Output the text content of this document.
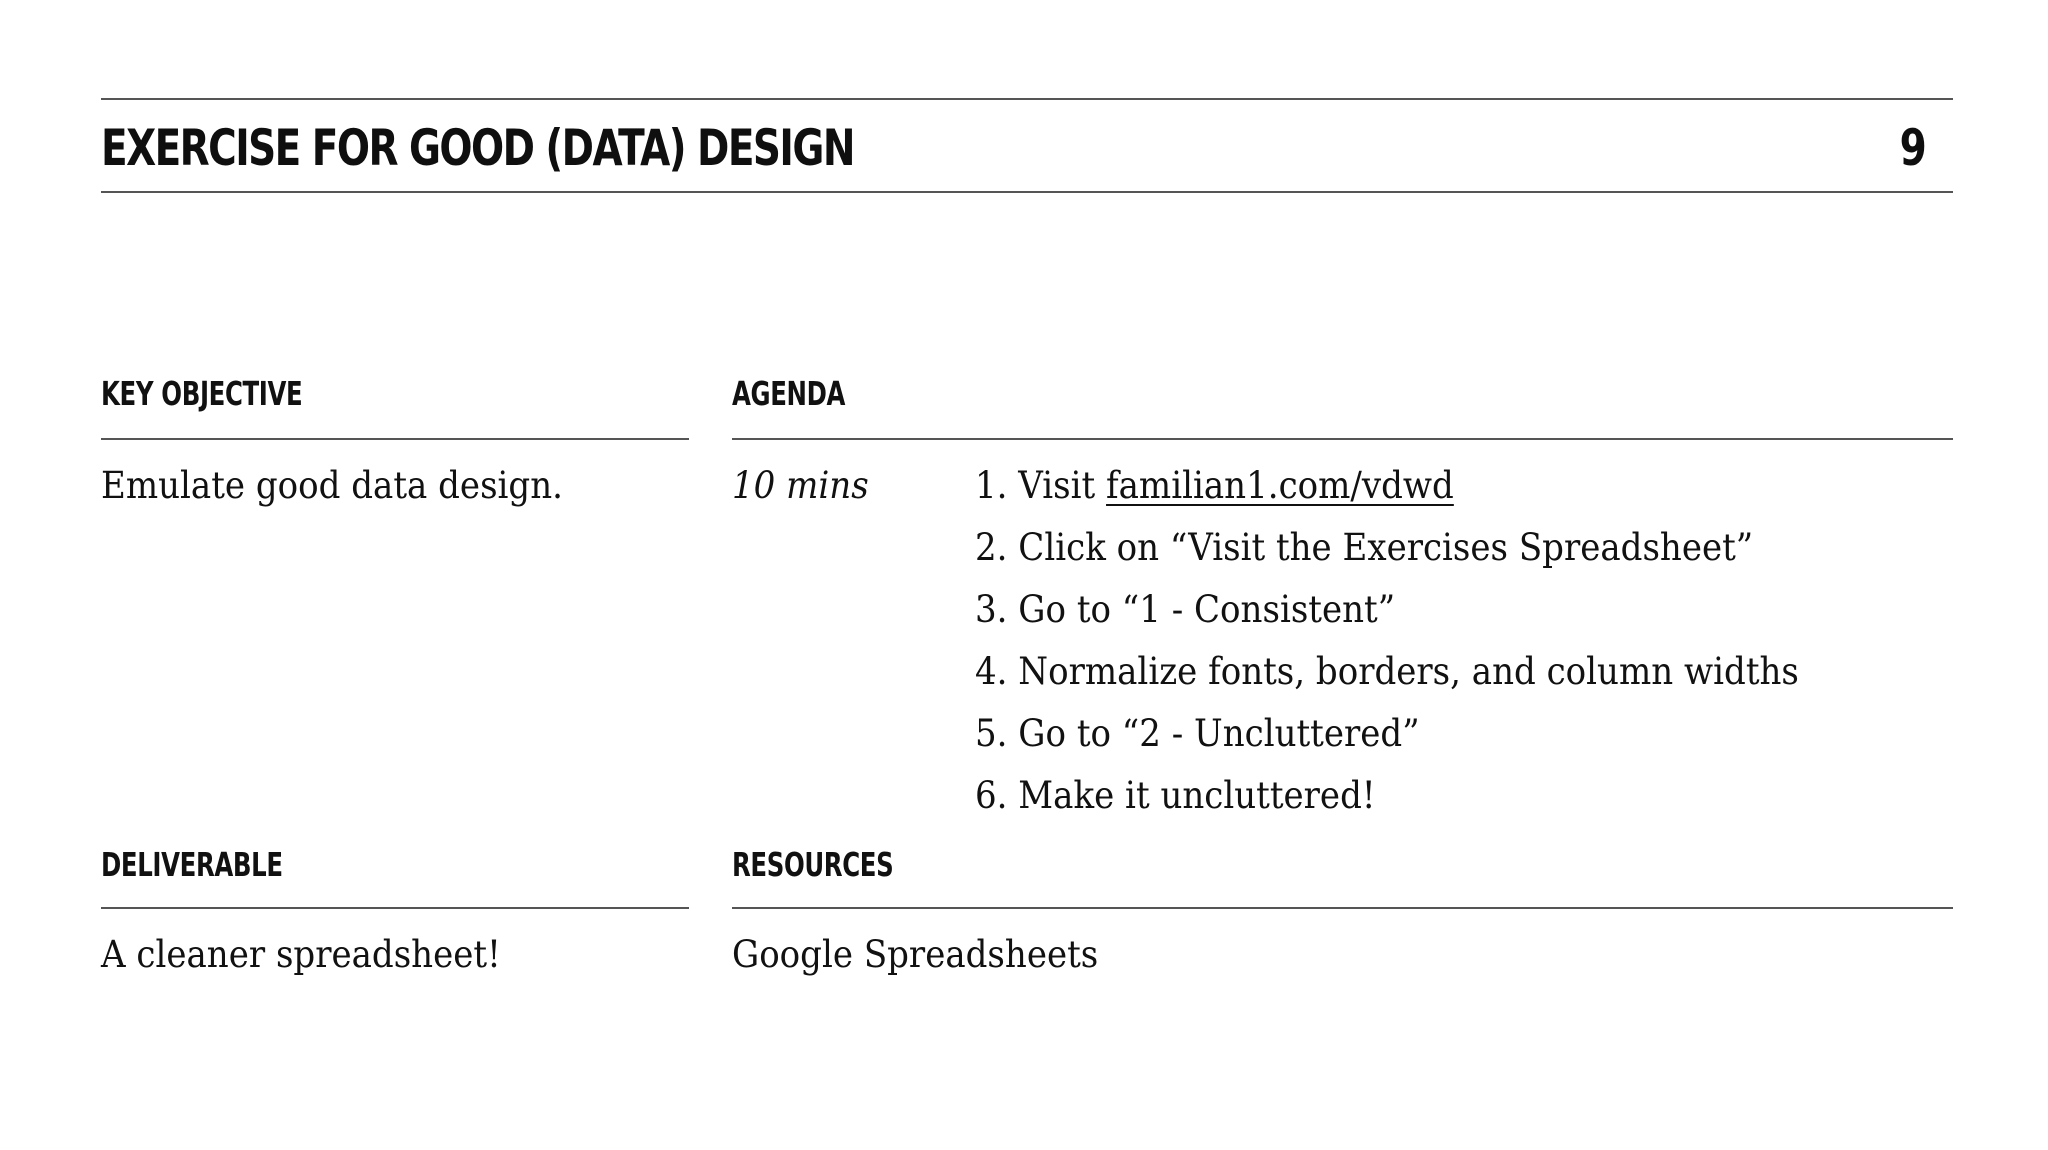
EXERCISE FOR GOOD (DATA) DESIGN	9
KEY OBJECTIVE
Emulate good data design.
AGENDA
10 mins	1. Visit familian1.com/vdwd
2. Click on “Visit the Exercises Spreadsheet”
3. Go to “1 - Consistent”
4. Normalize fonts, borders, and column widths
5. Go to “2 - Uncluttered”
6. Make it uncluttered!
DELIVERABLE
A cleaner spreadsheet!
RESOURCES
Google Spreadsheets
